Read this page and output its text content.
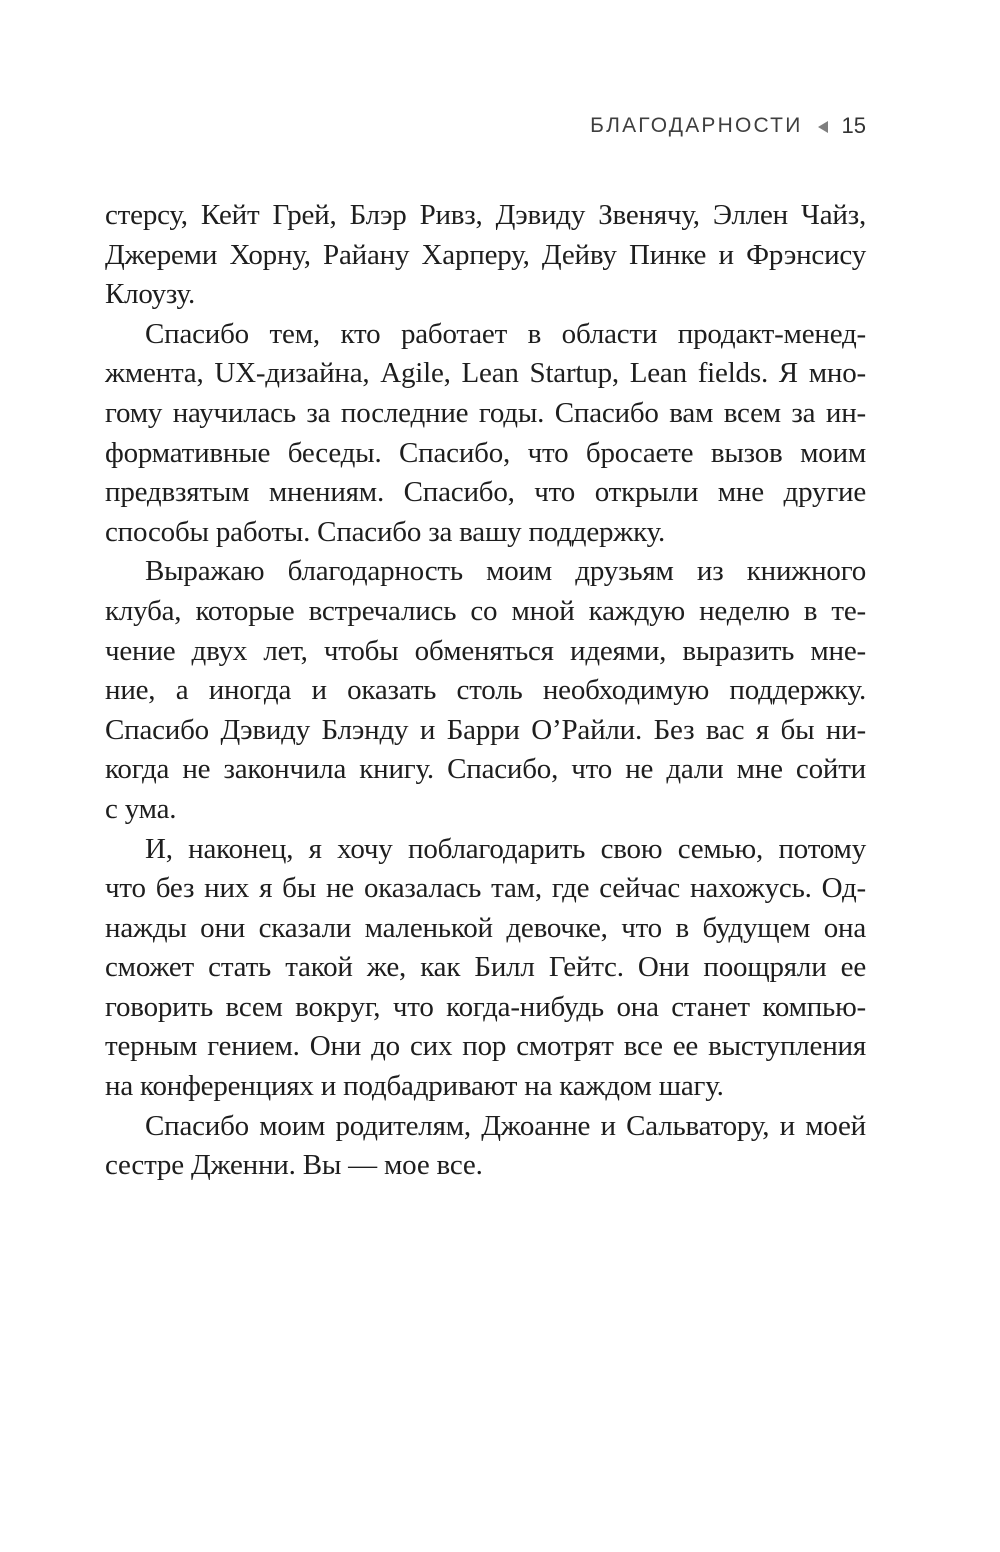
БЛАГОДАРНОСТИ 15
стерсу, Кейт Грей, Блэр Ривз, Дэвиду Звенячу, Эллен Чайз,
Джереми Хорну, Райану Харперу, Дейву Пинке и Фрэнсису
Клоузу.
Спасибо тем, кто работает в области продакт-менед-
жмента, UX-дизайна, Agile, Lean Startup, Lean fields. Я мно-
гому научилась за последние годы. Спасибо вам всем за ин-
формативные беседы. Спасибо, что бросаете вызов моим
предвзятым мнениям. Спасибо, что открыли мне другие
способы работы. Спасибо за вашу поддержку.
Выражаю благодарность моим друзьям из книжного
клуба, которые встречались со мной каждую неделю в те-
чение двух лет, чтобы обменяться идеями, выразить мне-
ние, а иногда и оказать столь необходимую поддержку.
Спасибо Дэвиду Блэнду и Барри О’Райли. Без вас я бы ни-
когда не закончила книгу. Спасибо, что не дали мне сойти
с ума.
И, наконец, я хочу поблагодарить свою семью, потому
что без них я бы не оказалась там, где сейчас нахожусь. Од-
нажды они сказали маленькой девочке, что в будущем она
сможет стать такой же, как Билл Гейтс. Они поощряли ее
говорить всем вокруг, что когда-нибудь она станет компью-
терным гением. Они до сих пор смотрят все ее выступления
на конференциях и подбадривают на каждом шагу.
Спасибо моим родителям, Джоанне и Сальватору, и моей
сестре Дженни. Вы — мое все.
